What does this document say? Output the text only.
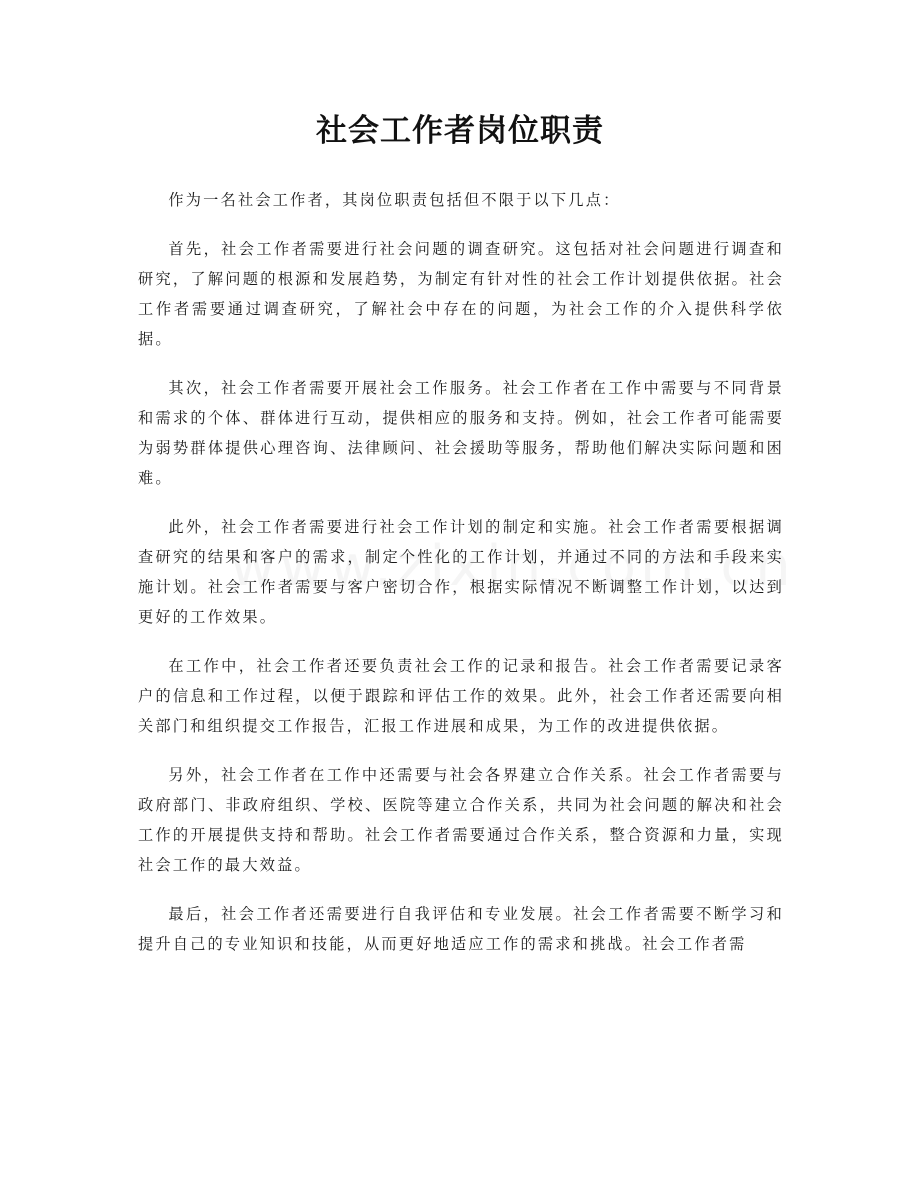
社会工作者岗位职责

作为一名社会工作者，其岗位职责包括但不限于以下几点：

首先，社会工作者需要进行社会问题的调查研究。这包括对社会问题进行调查和研究，了解问题的根源和发展趋势，为制定有针对性的社会工作计划提供依据。社会工作者需要通过调查研究，了解社会中存在的问题，为社会工作的介入提供科学依据。

其次，社会工作者需要开展社会工作服务。社会工作者在工作中需要与不同背景和需求的个体、群体进行互动，提供相应的服务和支持。例如，社会工作者可能需要为弱势群体提供心理咨询、法律顾问、社会援助等服务，帮助他们解决实际问题和困难。

此外，社会工作者需要进行社会工作计划的制定和实施。社会工作者需要根据调查研究的结果和客户的需求，制定个性化的工作计划，并通过不同的方法和手段来实施计划。社会工作者需要与客户密切合作，根据实际情况不断调整工作计划，以达到更好的工作效果。

在工作中，社会工作者还要负责社会工作的记录和报告。社会工作者需要记录客户的信息和工作过程，以便于跟踪和评估工作的效果。此外，社会工作者还需要向相关部门和组织提交工作报告，汇报工作进展和成果，为工作的改进提供依据。

另外，社会工作者在工作中还需要与社会各界建立合作关系。社会工作者需要与政府部门、非政府组织、学校、医院等建立合作关系，共同为社会问题的解决和社会工作的开展提供支持和帮助。社会工作者需要通过合作关系，整合资源和力量，实现社会工作的最大效益。

最后，社会工作者还需要进行自我评估和专业发展。社会工作者需要不断学习和提升自己的专业知识和技能，从而更好地适应工作的需求和挑战。社会工作者需
